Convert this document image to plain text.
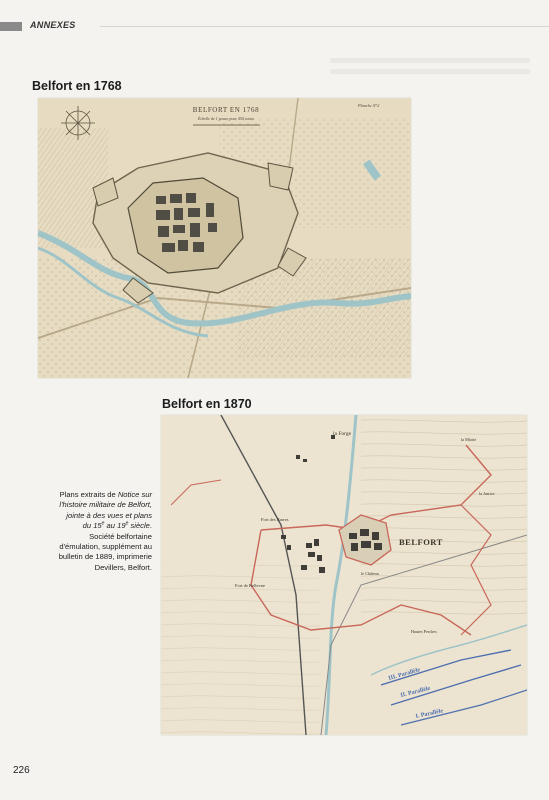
ANNEXES
Belfort en 1768
BELFORT EN 1768
Échelle de 1 pouce pour 450 toises
Planche N°2
Belfort en 1870
BELFORT
la Forge
Fort des Barres
Fort de Bellevue
le Château
la Miotte
la Justice
Hautes Perches
I. Parallèle
II. Parallèle
III. Parallèle
Plans extraits de Notice sur l'histoire militaire de Belfort, jointe à des vues et plans du 15e au 19e siècle. Société belfortaine d'émulation, supplément au bulletin de 1889, imprimerie Devillers, Belfort.
226
